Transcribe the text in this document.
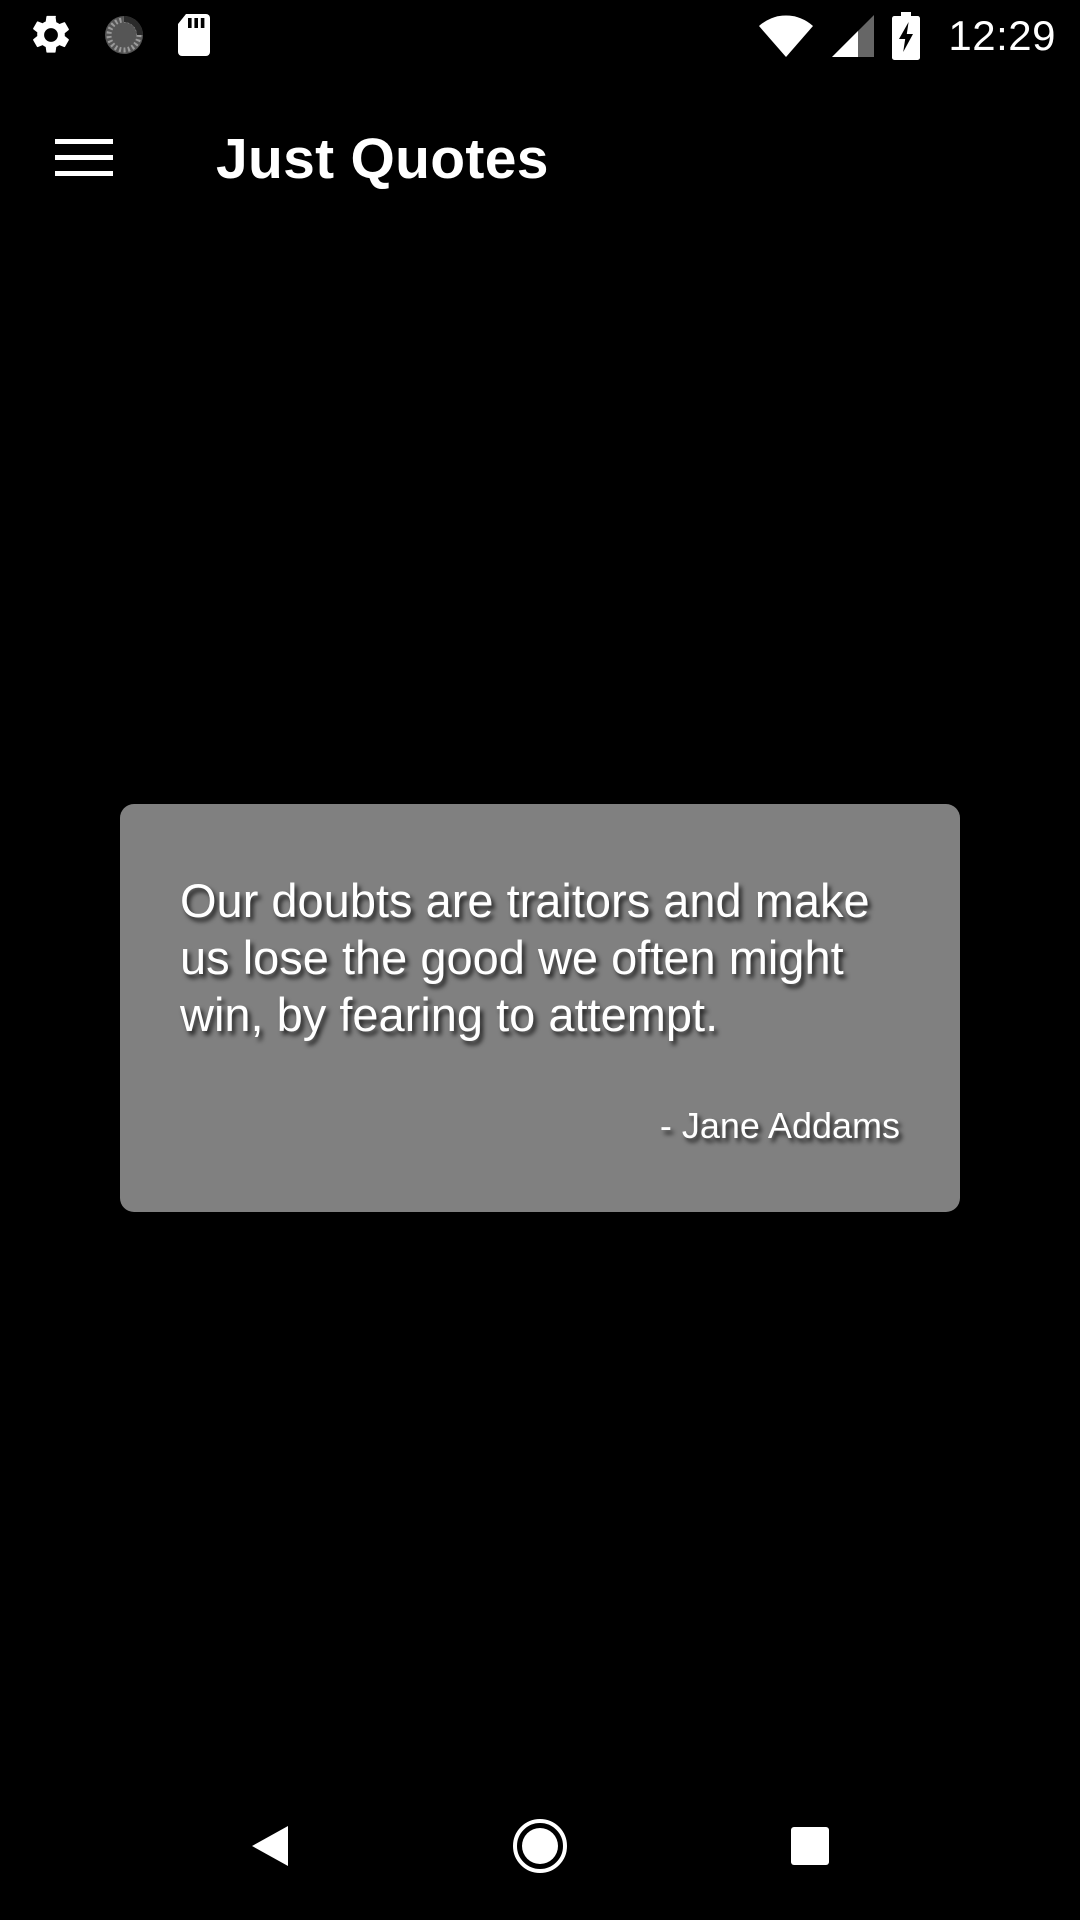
12:29
Just Quotes

Our doubts are traitors and make us lose the good we often might win, by fearing to attempt.

- Jane Addams
